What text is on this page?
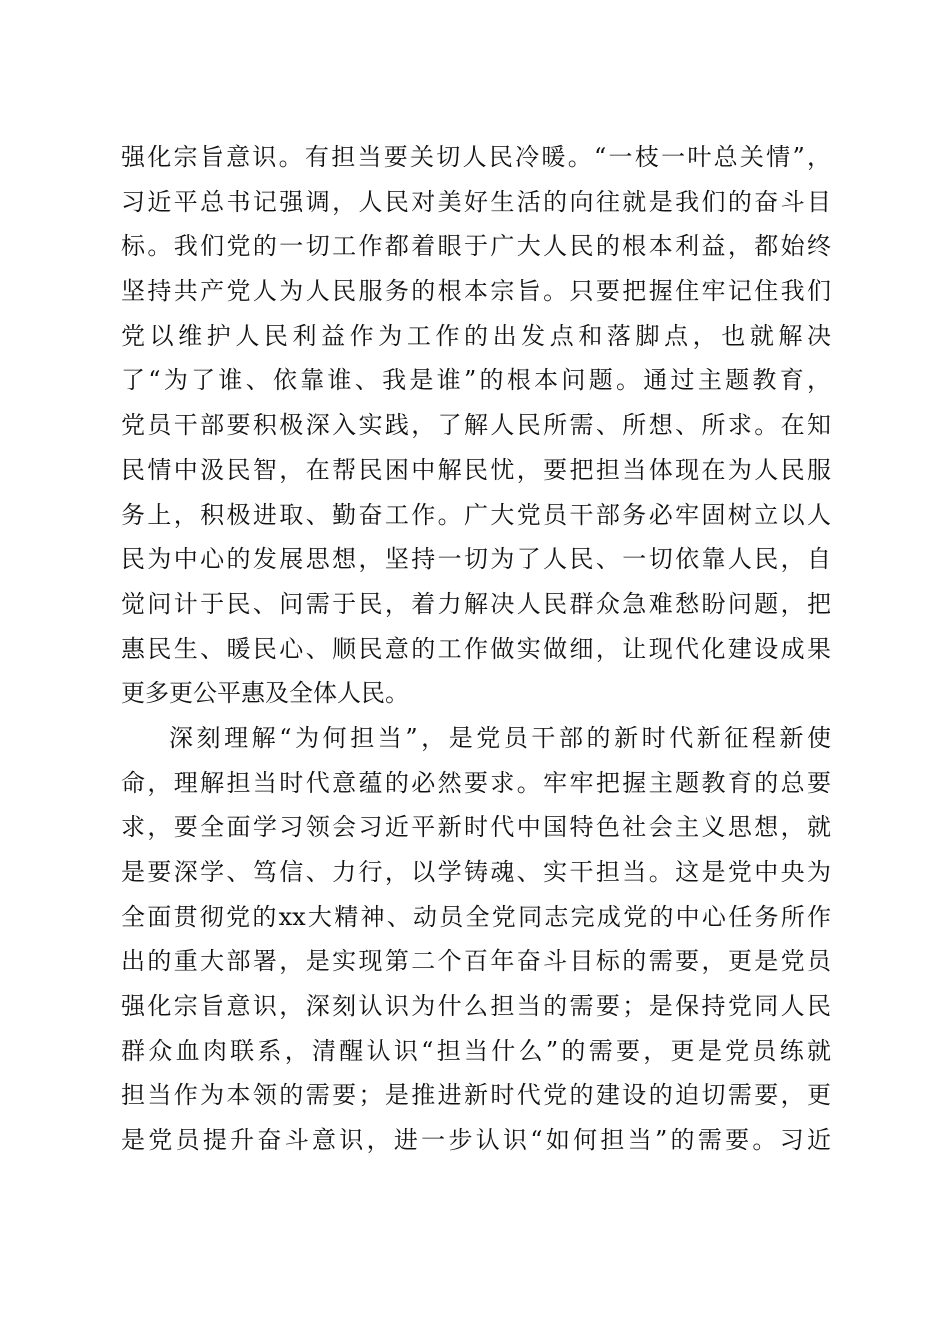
强化宗旨意识。有担当要关切人民冷暖。“一枝一叶总关情”，
习近平总书记强调，人民对美好生活的向往就是我们的奋斗目
标。我们党的一切工作都着眼于广大人民的根本利益，都始终
坚持共产党人为人民服务的根本宗旨。只要把握住牢记住我们
党以维护人民利益作为工作的出发点和落脚点，也就解决
了“为了谁、依靠谁、我是谁”的根本问题。通过主题教育，
党员干部要积极深入实践，了解人民所需、所想、所求。在知
民情中汲民智，在帮民困中解民忧，要把担当体现在为人民服
务上，积极进取、勤奋工作。广大党员干部务必牢固树立以人
民为中心的发展思想，坚持一切为了人民、一切依靠人民，自
觉问计于民、问需于民，着力解决人民群众急难愁盼问题，把
惠民生、暖民心、顺民意的工作做实做细，让现代化建设成果
更多更公平惠及全体人民。
深刻理解“为何担当”，是党员干部的新时代新征程新使
命，理解担当时代意蕴的必然要求。牢牢把握主题教育的总要
求，要全面学习领会习近平新时代中国特色社会主义思想，就
是要深学、笃信、力行，以学铸魂、实干担当。这是党中央为
全面贯彻党的xx大精神、动员全党同志完成党的中心任务所作
出的重大部署，是实现第二个百年奋斗目标的需要，更是党员
强化宗旨意识，深刻认识为什么担当的需要；是保持党同人民
群众血肉联系，清醒认识“担当什么”的需要，更是党员练就
担当作为本领的需要；是推进新时代党的建设的迫切需要，更
是党员提升奋斗意识，进一步认识“如何担当”的需要。习近
